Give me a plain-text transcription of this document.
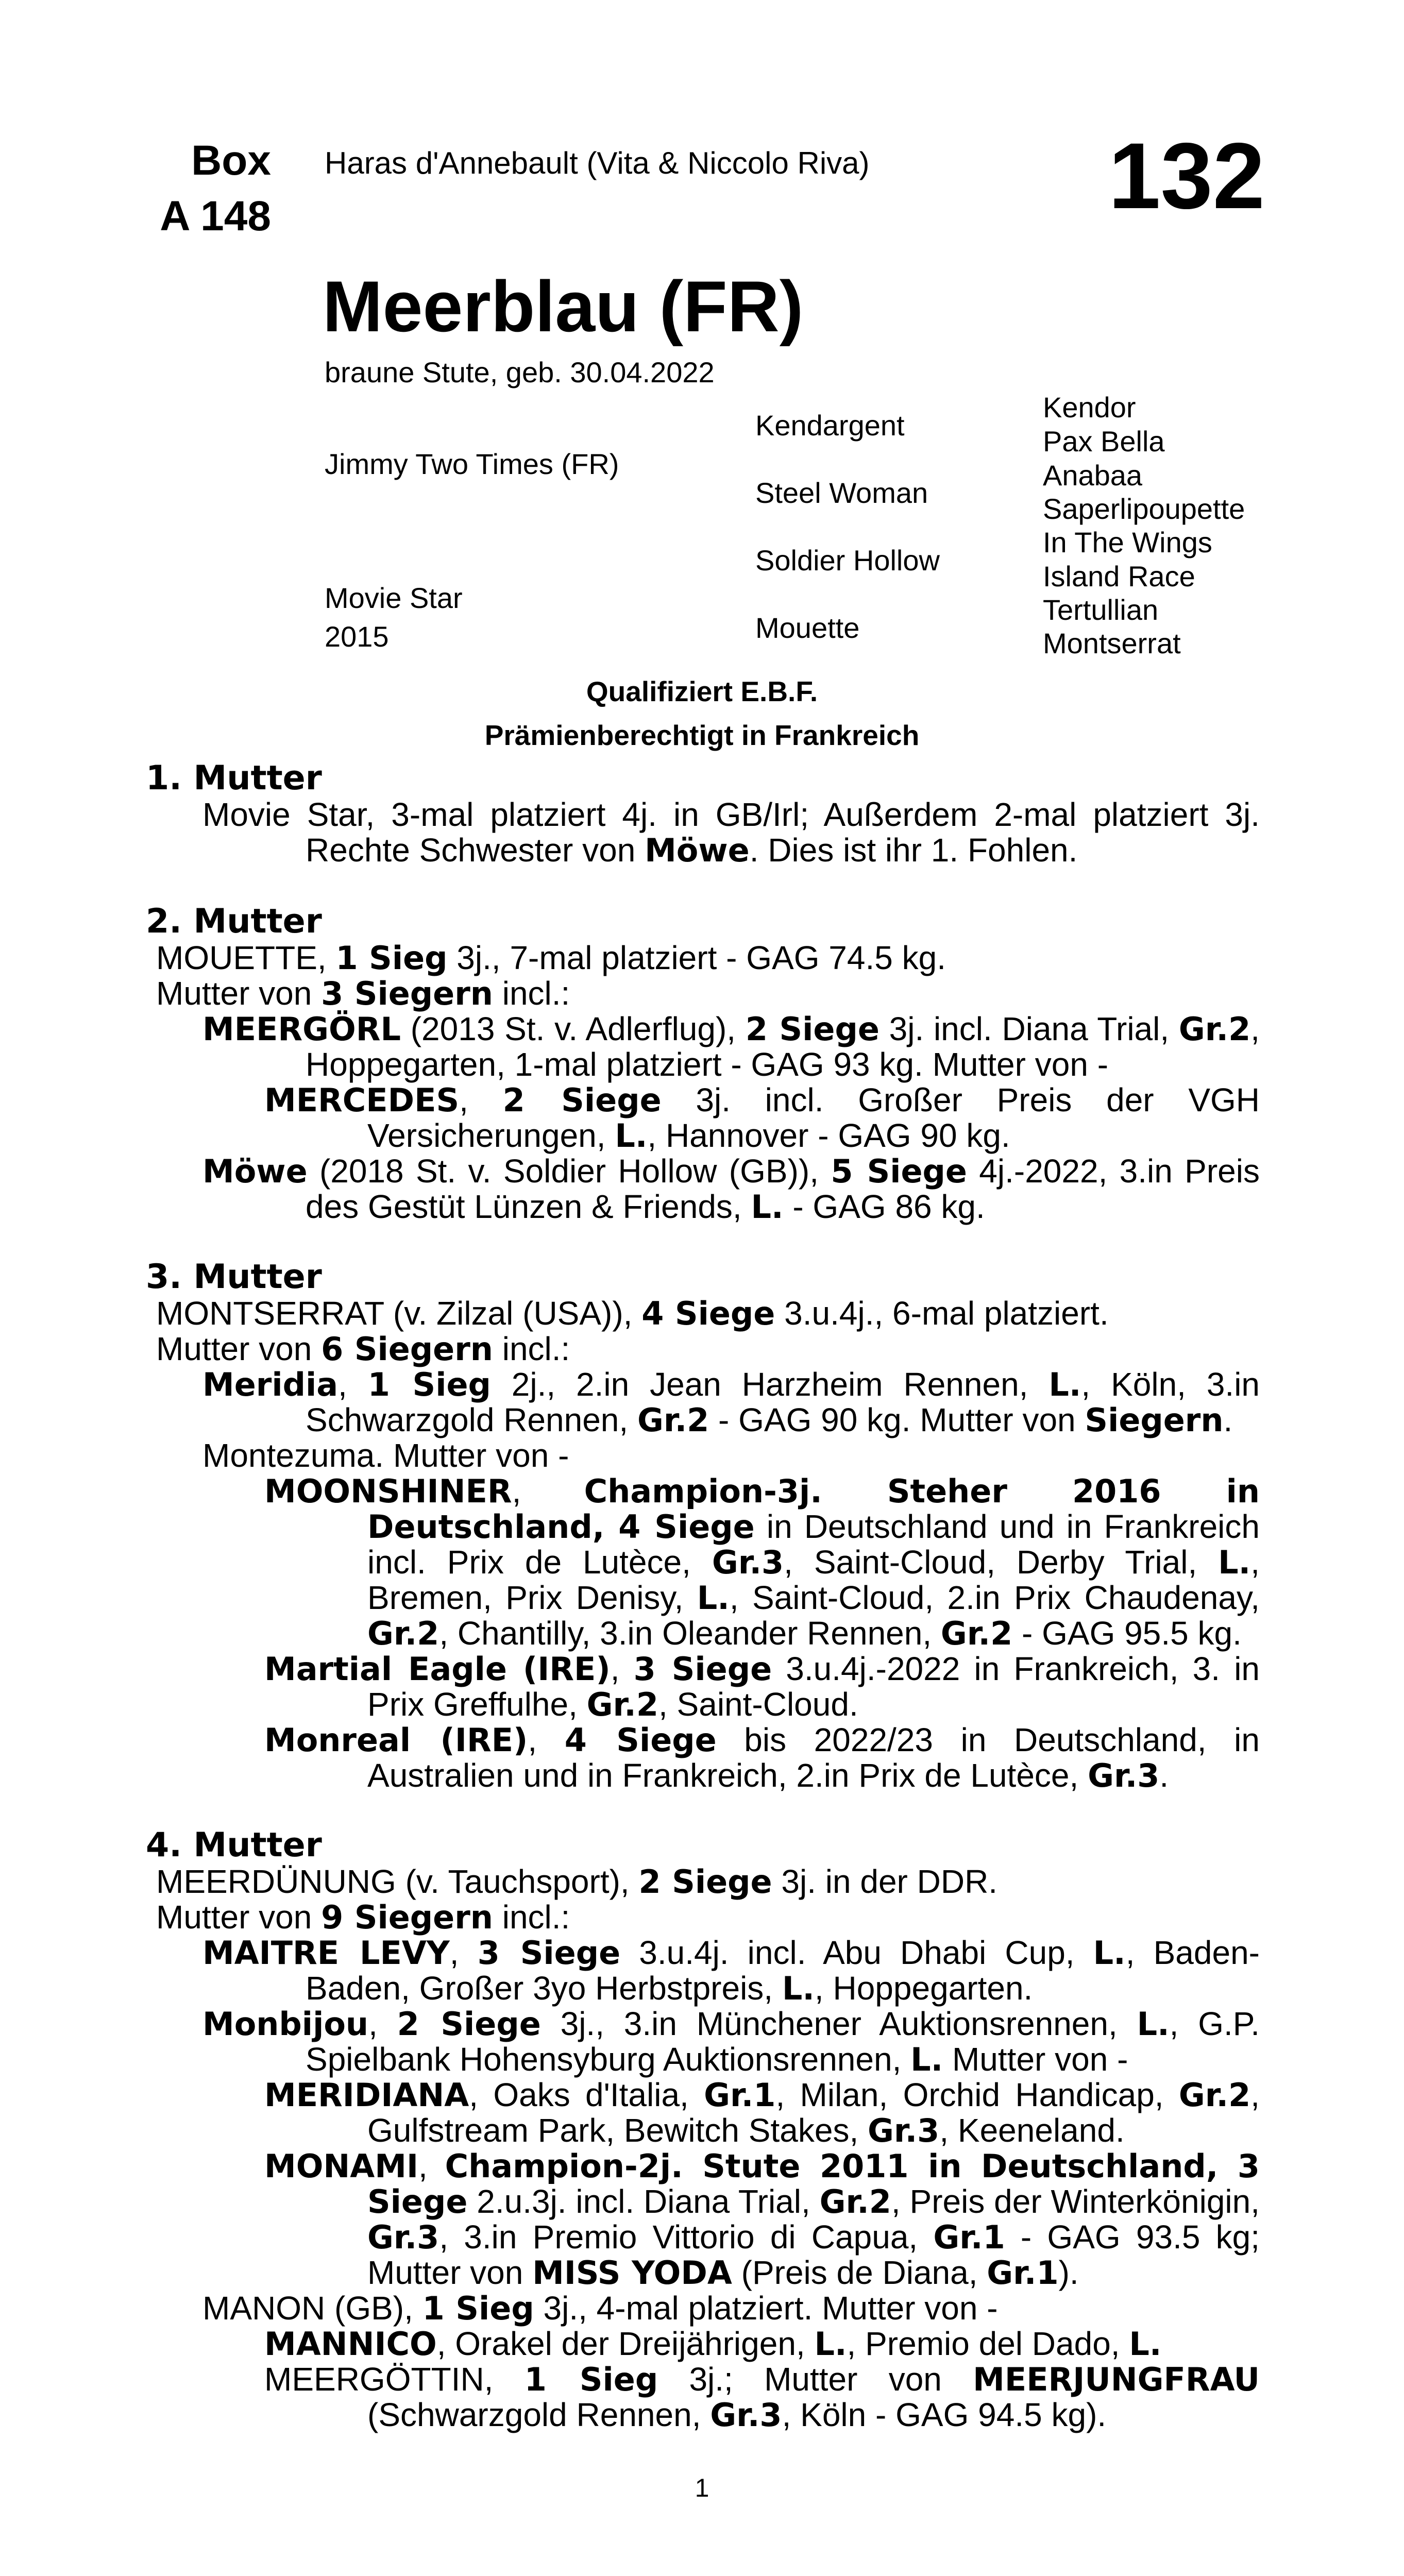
Box
A 148
Haras d'Annebault (Vita & Niccolo Riva)	132
Meerblau (FR)
braune Stute, geb. 30.04.2022
Jimmy Two Times (FR)
Movie Star
2015
Kendargent
Steel Woman
Soldier Hollow
Mouette
Kendor
Pax Bella
Anabaa
Saperlipoupette
In The Wings
Island Race
Tertullian
Montserrat
Qualifiziert E.B.F.
Prämienberechtigt in Frankreich
1. Mutter

Movie Star, 3-mal platziert 4j. in GB/Irl; Außerdem 2-mal platziert 3j. Rechte Schwester von Möwe. Dies ist ihr 1. Fohlen.

2. Mutter

MOUETTE, 1 Sieg 3j., 7-mal platziert - GAG 74.5 kg.

Mutter von 3 Siegern incl.:

MEERGÖRL (2013 St. v. Adlerflug), 2 Siege 3j. incl. Diana Trial, Gr.2, Hoppegarten, 1-mal platziert - GAG 93 kg. Mutter von -

MERCEDES, 2 Siege 3j. incl. Großer Preis der VGH Versicherungen, L., Hannover - GAG 90 kg.

Möwe (2018 St. v. Soldier Hollow (GB)), 5 Siege 4j.-2022, 3.in Preis des Gestüt Lünzen & Friends, L. - GAG 86 kg.

3. Mutter

MONTSERRAT (v. Zilzal (USA)), 4 Siege 3.u.4j., 6-mal platziert.

Mutter von 6 Siegern incl.:

Meridia, 1 Sieg 2j., 2.in Jean Harzheim Rennen, L., Köln, 3.in Schwarzgold Rennen, Gr.2 - GAG 90 kg. Mutter von Siegern.

Montezuma. Mutter von -

MOONSHINER, Champion-3j. Steher 2016 in Deutschland, 4 Siege in Deutschland und in Frankreich incl. Prix de Lutèce, Gr.3, Saint-Cloud, Derby Trial, L., Bremen, Prix Denisy, L., Saint-Cloud, 2.in Prix Chaudenay, Gr.2, Chantilly, 3.in Oleander Rennen, Gr.2 - GAG 95.5 kg.

Martial Eagle (IRE), 3 Siege 3.u.4j.-2022 in Frankreich, 3. in Prix Greffulhe, Gr.2, Saint-Cloud.

Monreal (IRE), 4 Siege bis 2022/23 in Deutschland, in Australien und in Frankreich, 2.in Prix de Lutèce, Gr.3.

4. Mutter

MEERDÜNUNG (v. Tauchsport), 2 Siege 3j. in der DDR.

Mutter von 9 Siegern incl.:

MAITRE LEVY, 3 Siege 3.u.4j. incl. Abu Dhabi Cup, L., Baden-Baden, Großer 3yo Herbstpreis, L., Hoppegarten.

Monbijou, 2 Siege 3j., 3.in Münchener Auktionsrennen, L., G.P. Spielbank Hohensyburg Auktionsrennen, L. Mutter von -

MERIDIANA, Oaks d'Italia, Gr.1, Milan, Orchid Handicap, Gr.2, Gulfstream Park, Bewitch Stakes, Gr.3, Keeneland.

MONAMI, Champion-2j. Stute 2011 in Deutschland, 3 Siege 2.u.3j. incl. Diana Trial, Gr.2, Preis der Winterkönigin, Gr.3, 3.in Premio Vittorio di Capua, Gr.1 - GAG 93.5 kg; Mutter von MISS YODA (Preis de Diana, Gr.1).

MANON (GB), 1 Sieg 3j., 4-mal platziert. Mutter von -

MANNICO, Orakel der Dreijährigen, L., Premio del Dado, L.

MEERGÖTTIN, 1 Sieg 3j.; Mutter von MEERJUNGFRAU (Schwarzgold Rennen, Gr.3, Köln - GAG 94.5 kg).

1
